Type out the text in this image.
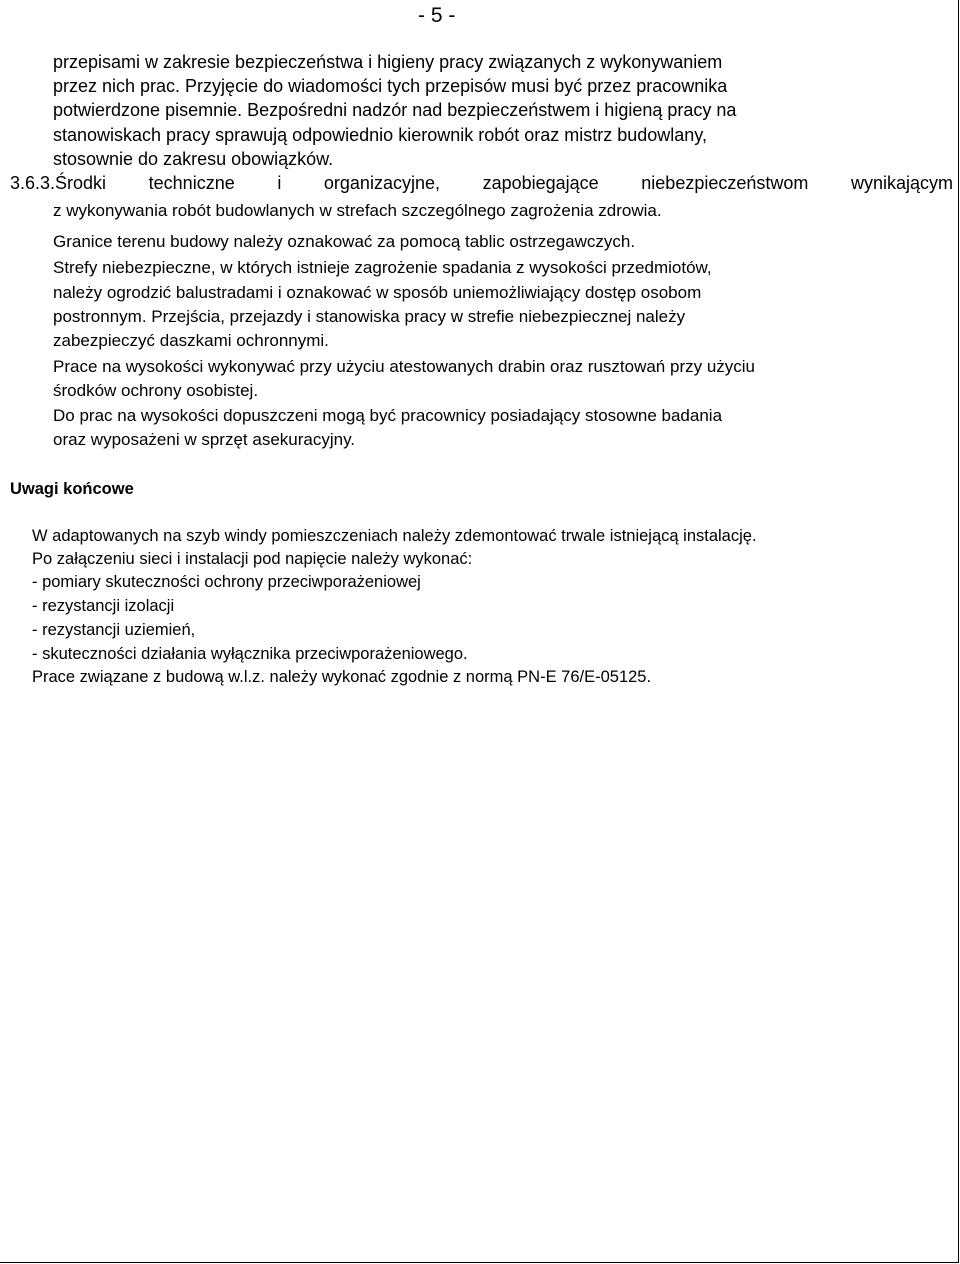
- 5 -
przepisami w zakresie bezpieczeństwa i higieny pracy związanych z wykonywaniem
przez nich prac. Przyjęcie do wiadomości tych przepisów musi być przez pracownika
potwierdzone pisemnie. Bezpośredni nadzór nad bezpieczeństwem i higieną pracy na
stanowiskach pracy sprawują odpowiednio kierownik robót oraz mistrz budowlany,
stosownie do zakresu obowiązków.
3.6.3.Środki techniczne i organizacyjne, zapobiegające niebezpieczeństwom wynikającym
z wykonywania robót budowlanych w strefach szczególnego zagrożenia zdrowia.
Granice terenu budowy należy oznakować za pomocą tablic ostrzegawczych.
Strefy niebezpieczne, w których istnieje zagrożenie spadania z wysokości przedmiotów,
należy ogrodzić balustradami i oznakować w sposób uniemożliwiający dostęp osobom
postronnym. Przejścia, przejazdy i stanowiska pracy w strefie niebezpiecznej należy
zabezpieczyć daszkami ochronnymi.
Prace na wysokości wykonywać przy użyciu atestowanych drabin oraz rusztowań przy użyciu
środków ochrony osobistej.
Do prac na wysokości dopuszczeni mogą być pracownicy posiadający stosowne badania
oraz wyposażeni w sprzęt asekuracyjny.
Uwagi końcowe
W adaptowanych na szyb windy pomieszczeniach należy zdemontować trwale istniejącą instalację.
Po załączeniu sieci i instalacji pod napięcie należy wykonać:
- pomiary skuteczności ochrony przeciwporażeniowej
- rezystancji izolacji
- rezystancji uziemień,
- skuteczności działania wyłącznika przeciwporażeniowego.
Prace związane z budową w.l.z. należy wykonać zgodnie z normą PN-E 76/E-05125.
